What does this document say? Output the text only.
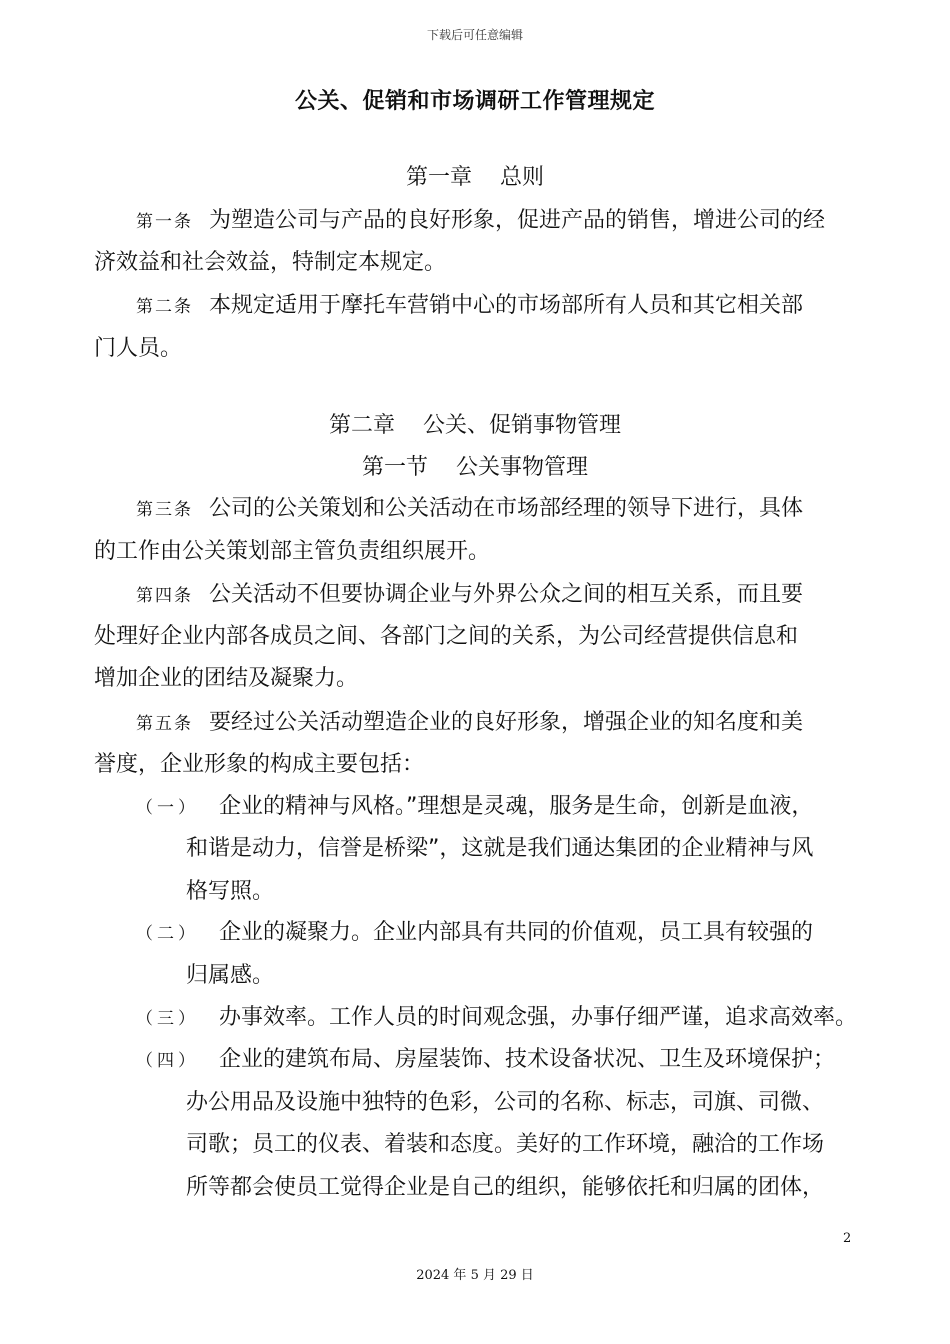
下载后可任意编辑
公关、促销和市场调研工作管理规定
第一章 总则
第一条 为塑造公司与产品的良好形象，促进产品的销售，增进公司的经
济效益和社会效益，特制定本规定。
第二条 本规定适用于摩托车营销中心的市场部所有人员和其它相关部
门人员。
第二章 公关、促销事物管理
第一节 公关事物管理
第三条 公司的公关策划和公关活动在市场部经理的领导下进行，具体
的工作由公关策划部主管负责组织展开。
第四条 公关活动不但要协调企业与外界公众之间的相互关系，而且要
处理好企业内部各成员之间、各部门之间的关系，为公司经营提供信息和
增加企业的团结及凝聚力。
第五条 要经过公关活动塑造企业的良好形象，增强企业的知名度和美
誉度，企业形象的构成主要包括：
（一） 企业的精神与风格。”理想是灵魂，服务是生命，创新是血液，
和谐是动力，信誉是桥梁”，这就是我们通达集团的企业精神与风
格写照。
（二） 企业的凝聚力。企业内部具有共同的价值观，员工具有较强的
归属感。
（三） 办事效率。工作人员的时间观念强，办事仔细严谨，追求高效率。
（四） 企业的建筑布局、房屋装饰、技术设备状况、卫生及环境保护；
办公用品及设施中独特的色彩，公司的名称、标志，司旗、司微、
司歌；员工的仪表、着装和态度。美好的工作环境，融洽的工作场
所等都会使员工觉得企业是自己的组织，能够依托和归属的团体，
2
2024 年 5 月 29 日
